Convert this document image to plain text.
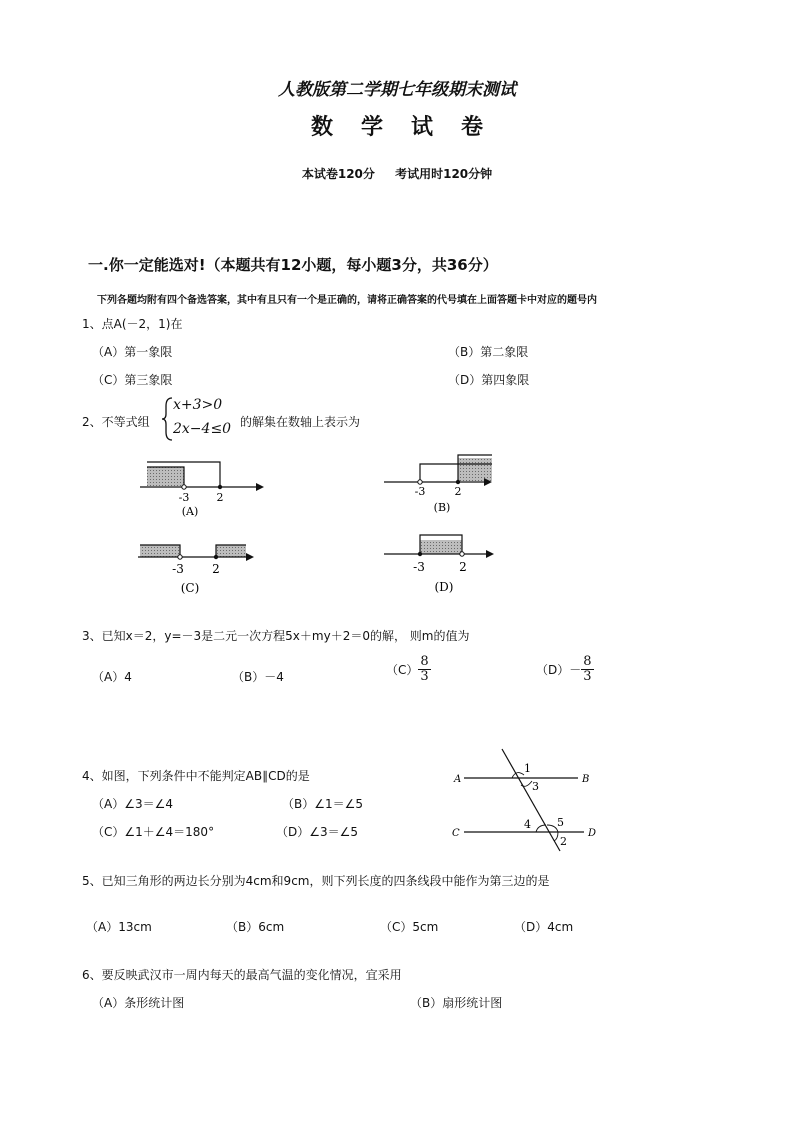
人教版第二学期七年级期末测试
数学试卷
本试卷120分 考试用时120分钟
一.你一定能选对!（本题共有12小题，每小题3分，共36分）
下列各题均附有四个备选答案，其中有且只有一个是正确的，请将正确答案的代号填在上面答题卡中对应的题号内
1、点A(－2，1)在
（A）第一象限	（B）第二象限
（C）第三象限	（D）第四象限
2、不等式组
x+3>0
2x−4≤0 的解集在数轴上表示为
-3 2
(A)
-3	2
(B)
-3 2
(C)
-3	2
(D)
3、已知x＝2，y=－3是二元一次方程5x＋my＋2＝0的解， 则m的值为
（A）4	（B）－4	$(C) \frac{8}{3}$	$(D)- \frac{8}{3}$
4、如图，下列条件中不能判定AB∥CD的是
（A）∠3＝∠4	（B）∠1＝∠5
（C）∠1＋∠4＝180°	（D）∠3＝∠5
A	B
C	D
1
3
4 5
2
5、已知三角形的两边长分别为4cm和9cm，则下列长度的四条线段中能作为第三边的是
（A）13cm	（B）6cm	（C）5cm	（D）4cm
6、要反映武汉市一周内每天的最高气温的变化情况，宜采用
（A）条形统计图	（B）扇形统计图
